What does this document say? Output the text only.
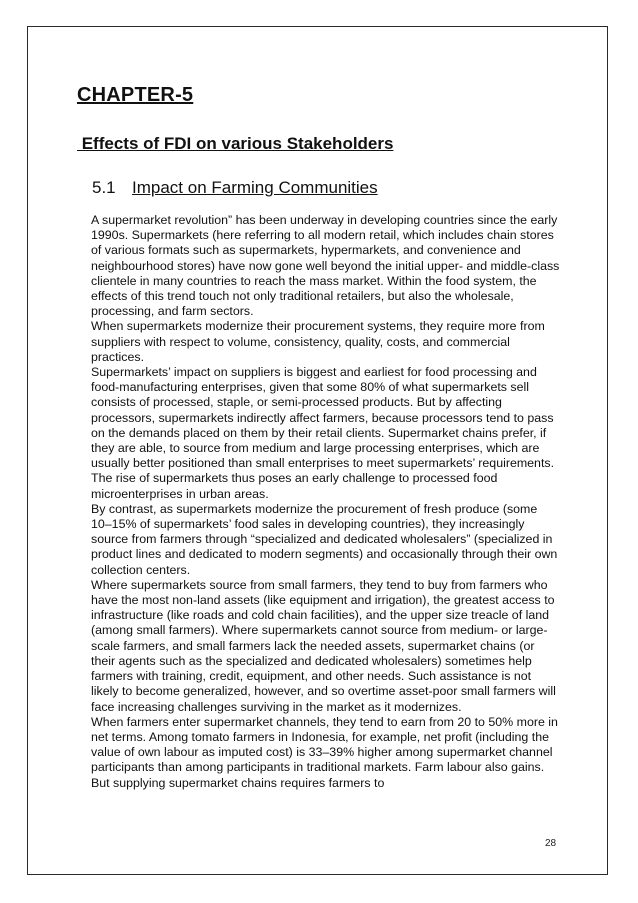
CHAPTER-5
Effects of FDI on various Stakeholders
5.1 Impact on Farming Communities

A supermarket revolution” has been underway in developing countries since the early 1990s. Supermarkets (here referring to all modern retail, which includes chain stores of various formats such as supermarkets, hypermarkets, and convenience and neighbourhood stores) have now gone well beyond the initial upper- and middle-class clientele in many countries to reach the mass market. Within the food system, the effects of this trend touch not only traditional retailers, but also the wholesale, processing, and farm sectors.

When supermarkets modernize their procurement systems, they require more from suppliers with respect to volume, consistency, quality, costs, and commercial practices.

Supermarkets’ impact on suppliers is biggest and earliest for food processing and food-manufacturing enterprises, given that some 80% of what supermarkets sell consists of processed, staple, or semi-processed products. But by affecting processors, supermarkets indirectly affect farmers, because processors tend to pass on the demands placed on them by their retail clients. Supermarket chains prefer, if they are able, to source from medium and large processing enterprises, which are usually better positioned than small enterprises to meet supermarkets’ requirements. The rise of supermarkets thus poses an early challenge to processed food microenterprises in urban areas.

By contrast, as supermarkets modernize the procurement of fresh produce (some 10–15% of supermarkets’ food sales in developing countries), they increasingly source from farmers through “specialized and dedicated wholesalers” (specialized in product lines and dedicated to modern segments) and occasionally through their own collection centers.

Where supermarkets source from small farmers, they tend to buy from farmers who have the most non-land assets (like equipment and irrigation), the greatest access to infrastructure (like roads and cold chain facilities), and the upper size treacle of land (among small farmers). Where supermarkets cannot source from medium- or large-scale farmers, and small farmers lack the needed assets, supermarket chains (or their agents such as the specialized and dedicated wholesalers) sometimes help farmers with training, credit, equipment, and other needs. Such assistance is not likely to become generalized, however, and so overtime asset-poor small farmers will face increasing challenges surviving in the market as it modernizes.

When farmers enter supermarket channels, they tend to earn from 20 to 50% more in net terms. Among tomato farmers in Indonesia, for example, net profit (including the value of own labour as imputed cost) is 33–39% higher among supermarket channel participants than among participants in traditional markets. Farm labour also gains. But supplying supermarket chains requires farmers to

28
